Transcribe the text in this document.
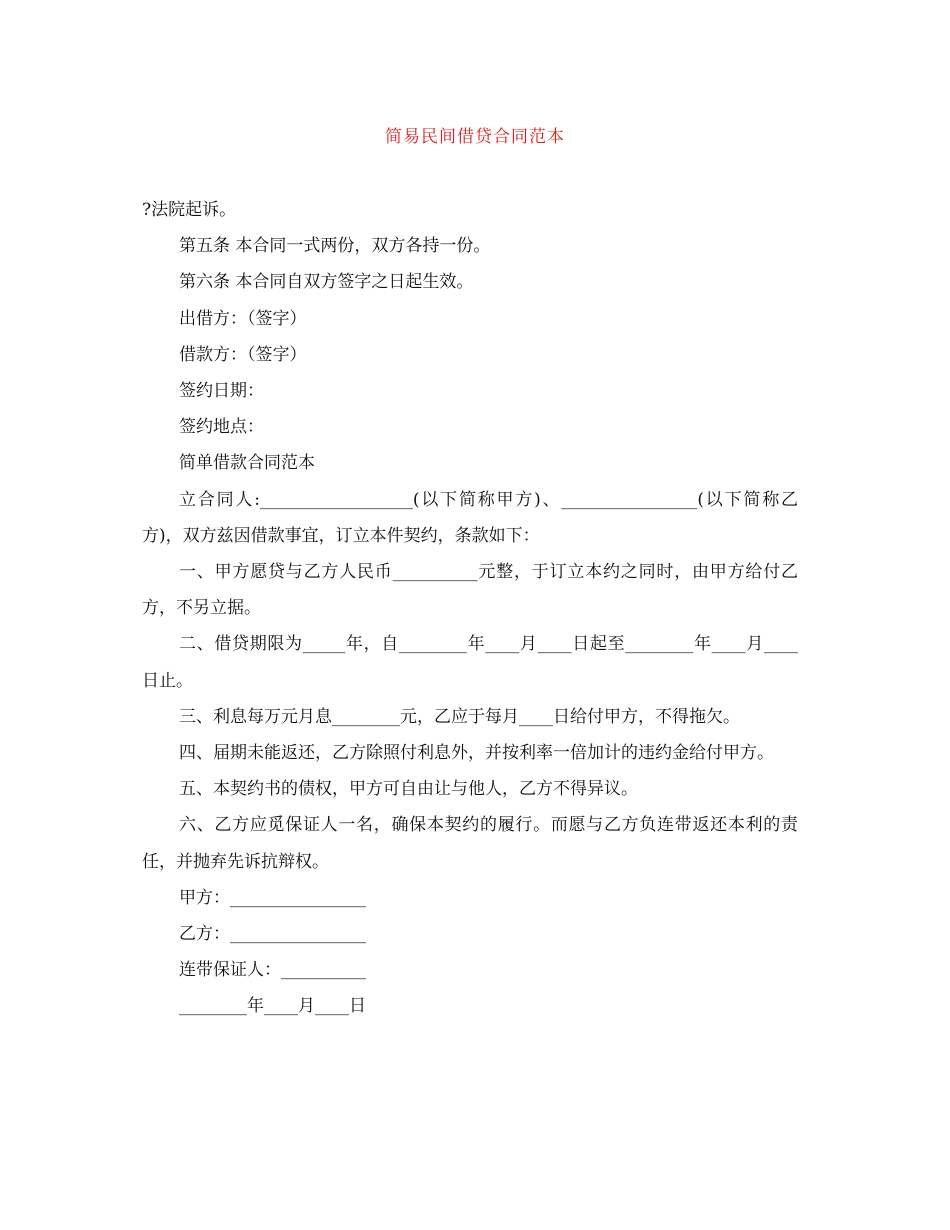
简易民间借贷合同范本

?法院起诉。

第五条 本合同一式两份，双方各持一份。

第六条 本合同自双方签字之日起生效。

出借方：（签字）

借款方：（签字）

签约日期：

签约地点：

简单借款合同范本

立合同人:__________________(以下简称甲方)、________________(以下简称乙方)，双方兹因借款事宜，订立本件契约，条款如下：

一、甲方愿贷与乙方人民币__________元整，于订立本约之同时，由甲方给付乙方，不另立据。

二、借贷期限为_____年，自________年____月____日起至________年____月____日止。

三、利息每万元月息________元，乙应于每月____日给付甲方，不得拖欠。

四、届期未能返还，乙方除照付利息外，并按利率一倍加计的违约金给付甲方。

五、本契约书的债权，甲方可自由让与他人，乙方不得异议。

六、乙方应觅保证人一名，确保本契约的履行。而愿与乙方负连带返还本利的责任，并抛弃先诉抗辩权。

甲方：________________

乙方：________________

连带保证人：__________

________年____月____日
